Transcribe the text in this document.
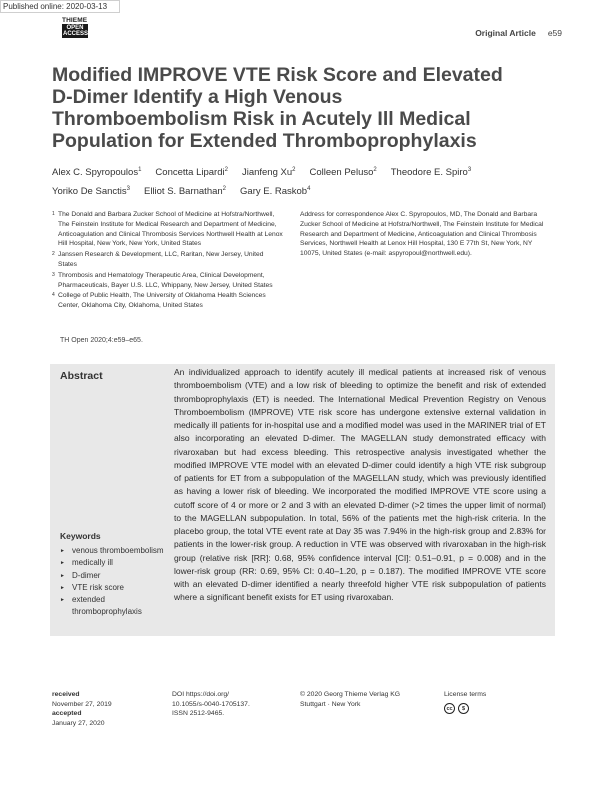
Published online: 2020-03-13
THIEME
OPEN
ACCESS	Original Article e59
Modified IMPROVE VTE Risk Score and Elevated D-Dimer Identify a High Venous Thromboembolism Risk in Acutely Ill Medical Population for Extended Thromboprophylaxis
Alex C. Spyropoulos$^1$ Concetta Lipardi$^2$ Jianfeng Xu$^2$ Colleen Peluso$^2$ Theodore E. Spiro$^3$
Yoriko De Sanctis$^3$ Elliot S. Barnathan$^2$ Gary E. Raskob$^4$
1 The Donald and Barbara Zucker School of Medicine at Hofstra/Northwell, The Feinstein Institute for Medical Research and Department of Medicine, Anticoagulation and Clinical Thrombosis Services Northwell Health at Lenox Hill Hospital, New York, New York, United States
2 Janssen Research & Development, LLC, Raritan, New Jersey, United States
3 Thrombosis and Hematology Therapeutic Area, Clinical Development, Pharmaceuticals, Bayer U.S. LLC, Whippany, New Jersey, United States
4 College of Public Health, The University of Oklahoma Health Sciences Center, Oklahoma City, Oklahoma, United States
Address for correspondence Alex C. Spyropoulos, MD, The Donald and Barbara Zucker School of Medicine at Hofstra/Northwell, The Feinstein Institute for Medical Research and Department of Medicine, Anticoagulation and Clinical Thrombosis Services, Northwell Health at Lenox Hill Hospital, 130 E 77th St, New York, NY 10075, United States (e-mail: aspyropoul@northwell.edu).
TH Open 2020;4:e59–e65.
Abstract	An individualized approach to identify acutely ill medical patients at increased risk of venous thromboembolism (VTE) and a low risk of bleeding to optimize the benefit and risk of extended thromboprophylaxis (ET) is needed. The International Medical Prevention Registry on Venous Thromboembolism (IMPROVE) VTE risk score has undergone extensive external validation in medically ill patients for in-hospital use and a modified model was used in the MARINER trial of ET also incorporating an elevated D-dimer. The MAGELLAN study demonstrated efficacy with rivaroxaban but had excess bleeding. This retrospective analysis investigated whether the modified IMPROVE VTE model with an elevated D-dimer could identify a high VTE risk subgroup of patients for ET from a subpopulation of the MAGELLAN study, which was previously identified as having a lower risk of bleeding. We incorporated the modified IMPROVE VTE score using a cutoff score of 4 or more or 2 and 3 with an elevated D-dimer (>2 times the upper limit of normal) to the MAGELLAN subpopulation. In total, 56% of the patients met the high-risk criteria. In the placebo group, the total VTE event rate at Day 35 was 7.94% in the high-risk group and 2.83% for patients in the lower-risk group. A reduction in VTE was observed with rivaroxaban in the high-risk group (relative risk [RR]: 0.68, 95% confidence interval [CI]: 0.51–0.91, p = 0.008) and in the lower-risk group (RR: 0.69, 95% CI: 0.40–1.20, p = 0.187). The modified IMPROVE VTE score with an elevated D-dimer identified a nearly threefold higher VTE risk subpopulation of patients where a significant benefit exists for ET using rivaroxaban.
Keywords
► venous thromboembolism
► medically ill
► D-dimer
► VTE risk score
► extended thromboprophylaxis
received
November 27, 2019
accepted
January 27, 2020
DOI https://doi.org/
10.1055/s-0040-1705137.
ISSN 2512-9465.
© 2020 Georg Thieme Verlag KG
Stuttgart · New York
License terms
cc	$
